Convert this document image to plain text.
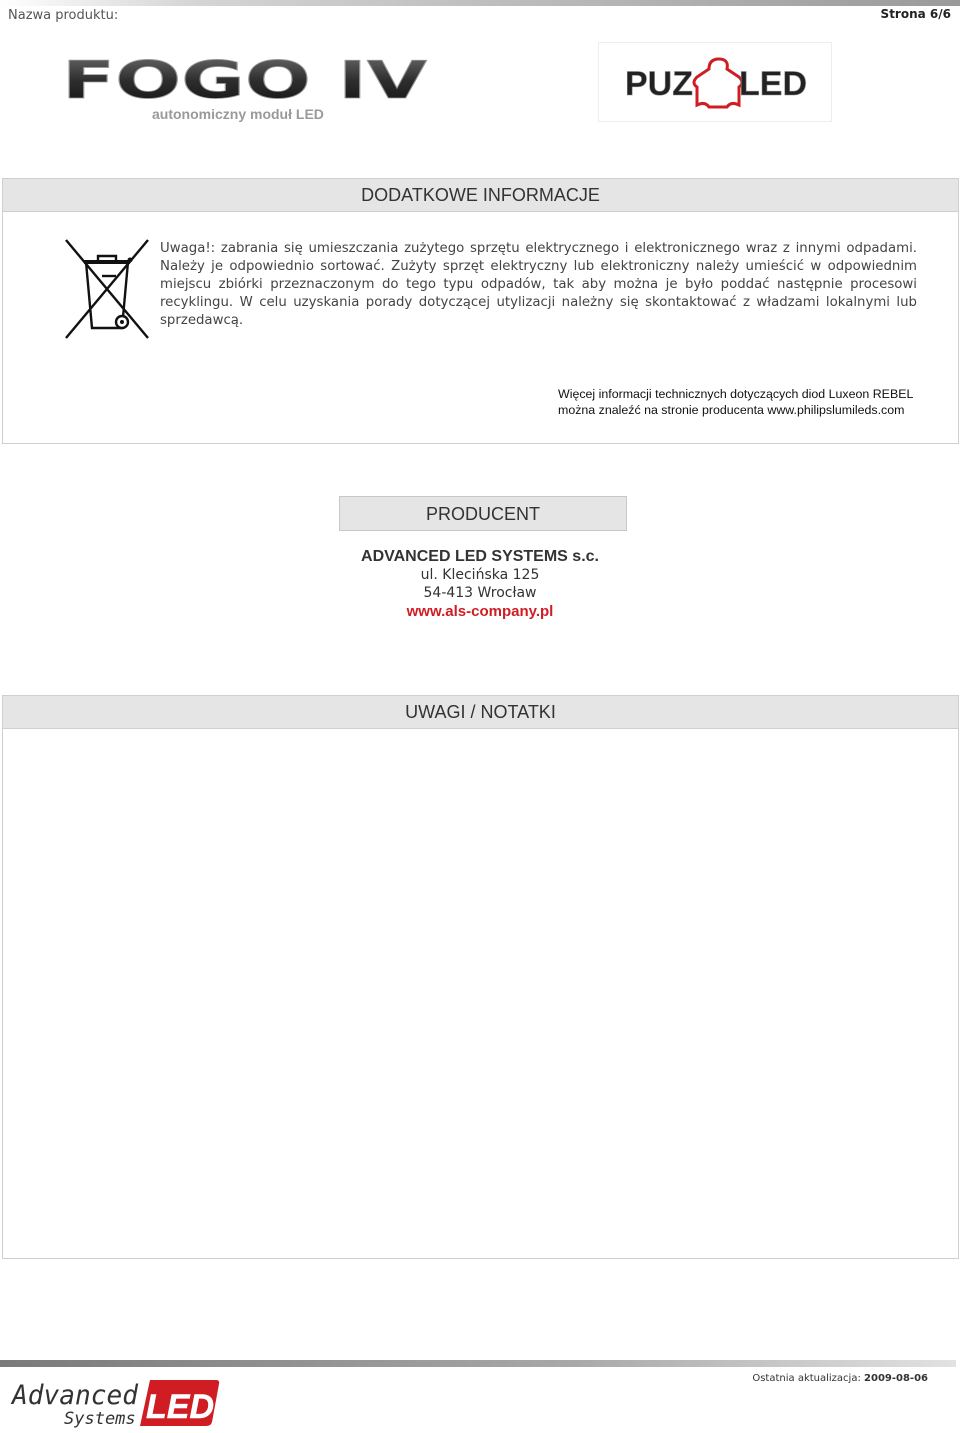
Nazwa produktu:	Strona 6/6
FOGO IV
autonomiczny moduł LED
PUZ LED
DODATKOWE INFORMACJE
Uwaga!: zabrania się umieszczania zużytego sprzętu elektrycznego i elektronicznego wraz z innymi odpadami. Należy je odpowiednio sortować. Zużyty sprzęt elektryczny lub elektroniczny należy umieścić w odpowiednim miejscu zbiórki przeznaczonym do tego typu odpadów, tak aby można je było poddać następnie procesowi recyklingu. W celu uzyskania porady dotyczącej utylizacji należny się skontaktować z władzami lokalnymi lub sprzedawcą.
Więcej informacji technicznych dotyczących diod Luxeon REBEL
można znaleźć na stronie producenta www.philipslumileds.com
PRODUCENT
ADVANCED LED SYSTEMS s.c.
ul. Klecińska 125
54-413 Wrocław
www.als-company.pl
UWAGI / NOTATKI
Advanced
Systems LED
Ostatnia aktualizacja: 2009-08-06
